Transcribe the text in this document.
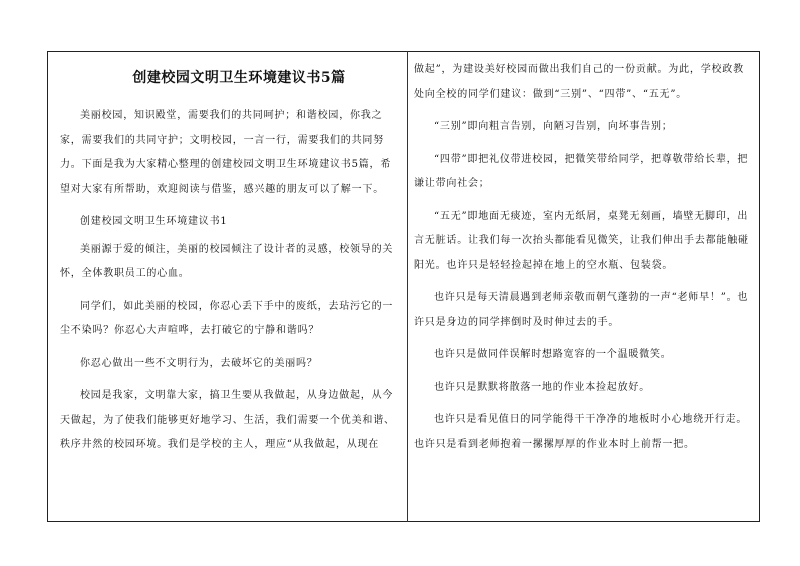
创建校园文明卫生环境建议书5篇
美丽校园，知识殿堂，需要我们的共同呵护；和谐校园，你我之家，需要我们的共同守护；文明校园，一言一行，需要我们的共同努力。下面是我为大家精心整理的创建校园文明卫生环境建议书5篇，希望对大家有所帮助，欢迎阅读与借鉴，感兴趣的朋友可以了解一下。
创建校园文明卫生环境建议书1
美丽源于爱的倾注，美丽的校园倾注了设计者的灵感，校领导的关怀，全体教职员工的心血。
同学们，如此美丽的校园，你忍心丢下手中的废纸，去玷污它的一尘不染吗？你忍心大声喧哗，去打破它的宁静和谐吗？
你忍心做出一些不文明行为，去破坏它的美丽吗？
校园是我家，文明靠大家，搞卫生要从我做起，从身边做起，从今天做起，为了使我们能够更好地学习、生活，我们需要一个优美和谐、秩序井然的校园环境。我们是学校的主人，理应“从我做起，从现在
做起”，为建设美好校园而做出我们自己的一份贡献。为此，学校政教处向全校的同学们建议：做到“三别”、“四带”、“五无”。
“三别”即向粗言告别，向陋习告别，向坏事告别；
“四带”即把礼仪带进校园，把微笑带给同学，把尊敬带给长辈，把谦让带向社会；
“五无”即地面无痰迹，室内无纸屑，桌凳无刻画，墙壁无脚印，出言无脏话。让我们每一次抬头都能看见微笑，让我们伸出手去都能触碰阳光。也许只是轻轻捡起掉在地上的空水瓶、包装袋。
也许只是每天清晨遇到老师亲敬而朝气蓬勃的一声“老师早！”。也许只是身边的同学摔倒时及时伸过去的手。
也许只是做同伴误解时想路宽容的一个温暖微笑。
也许只是默默将散落一地的作业本捡起放好。
也许只是看见值日的同学能得干干净净的地板时小心地绕开行走。也许只是看到老师抱着一摞摞厚厚的作业本时上前帮一把。
